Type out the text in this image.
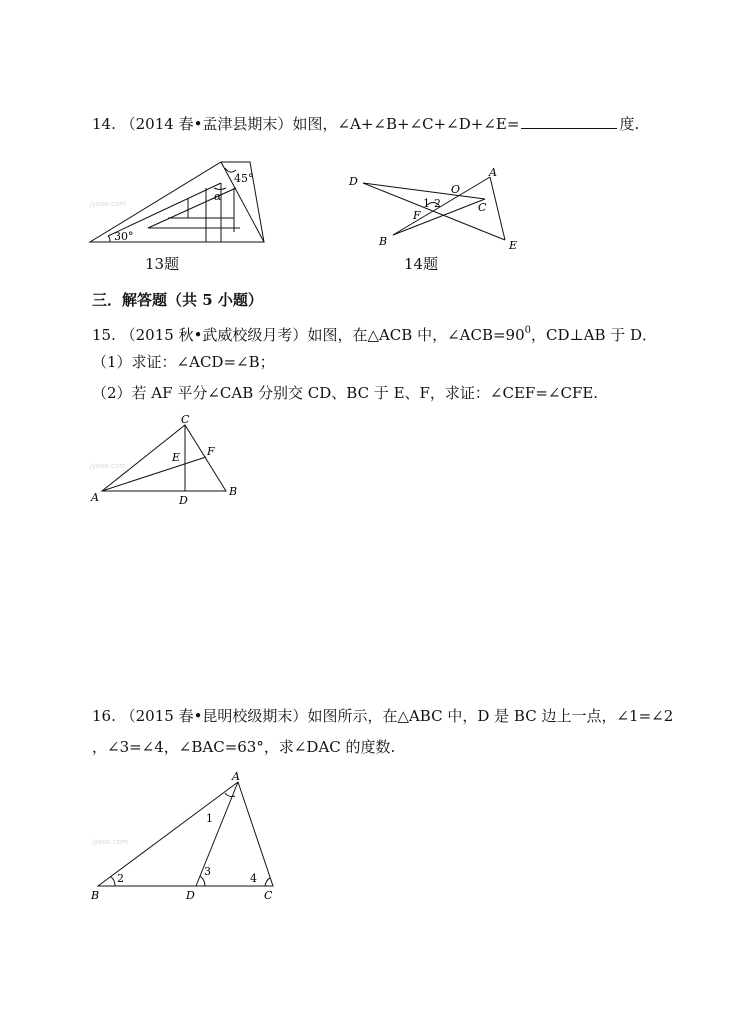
14. （2014 春•孟津县期末）如图，∠A+∠B+∠C+∠D+∠E=	度.
jyeoo.com
30°
45°
α
13题
D
A
O
C
F
B	E
1 2
14题
三．解答题（共 5 小题）
15. （2015 秋•武威校级月考）如图，在△ACB 中，$\angle ACB=90^0$，CD⊥AB 于 D．
（1）求证：∠ACD=∠B；
（2）若 AF 平分∠CAB 分别交 CD、BC 于 E、F，求证：∠CEF=∠CFE.
jyeoo.com
C
E F
A	D
B
16. （2015 春•昆明校级期末）如图所示，在△ABC 中，D 是 BC 边上一点，∠1=∠2
，∠3=∠4，∠BAC=63°，求∠DAC 的度数.
jyeoo.com
A
B	D	C
1
2
3
4
